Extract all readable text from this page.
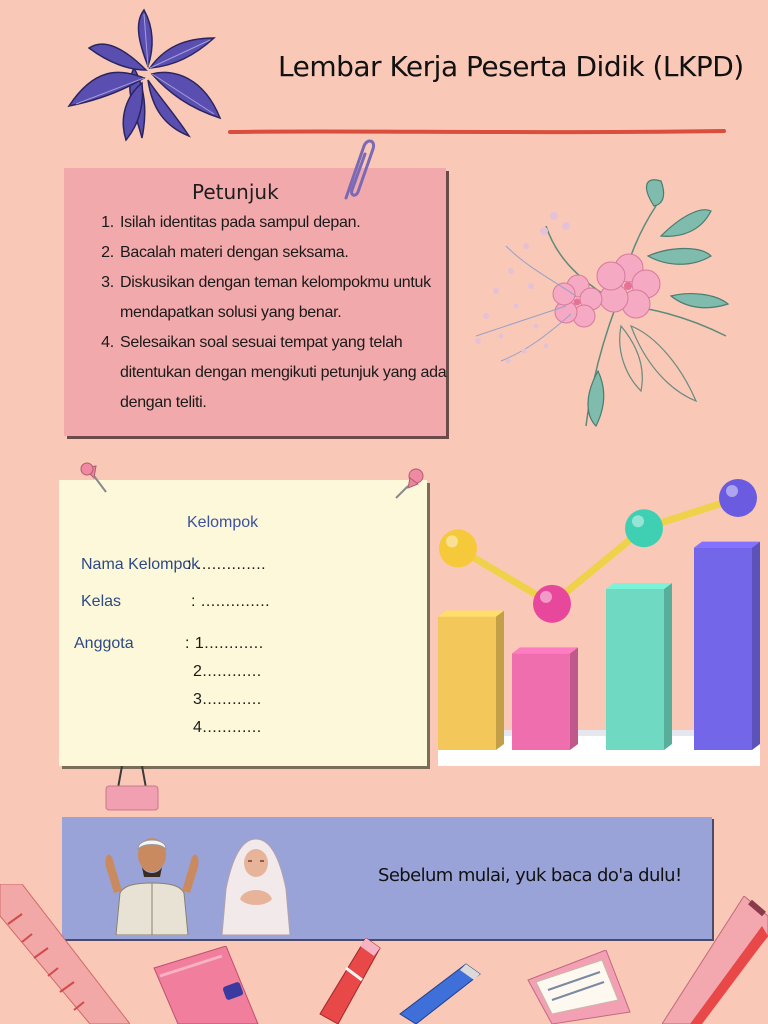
Lembar Kerja Peserta Didik (LKPD)
Petunjuk
1. Isilah identitas pada sampul depan.
2. Bacalah materi dengan seksama.
3. Diskusikan dengan teman kelompokmu untuk mendapatkan solusi yang benar.
4. Selesaikan soal sesuai tempat yang telah ditentukan dengan mengikuti petunjuk yang ada dengan teliti.
Kelompok
Nama Kelompok
: ..............
Kelas	: ..............
Anggota	: 1............
2............
3............
4............
Sebelum mulai, yuk baca do'a dulu!
